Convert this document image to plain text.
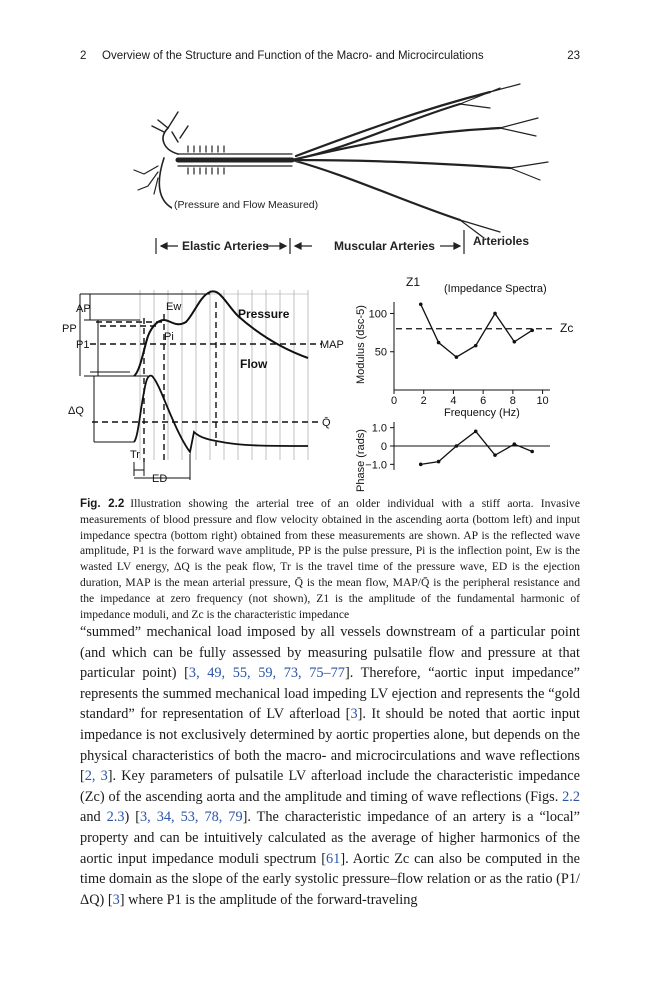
2 Overview of the Structure and Function of the Macro- and Microcirculations	23
(Pressure and Flow Measured)
Elastic Arteries	Muscular Arteries	Arterioles
Pressure
Flow
AP
PP
P1
Ew
Pi
MAP
ΔQ
Q̄
Tr
ED
Z1 (Impedance Spectra)
Zc
Modulus (dsc-5)
Phase (rads)
Frequency (Hz)
0 2 4 6 8 10
100
50
1.0
0
−1.0
Fig. 2.2 Illustration showing the arterial tree of an older individual with a stiff aorta. Invasive measurements of blood pressure and flow velocity obtained in the ascending aorta (bottom left) and input impedance spectra (bottom right) obtained from these measurements are shown. AP is the reflected wave amplitude, P1 is the forward wave amplitude, PP is the pulse pressure, Pi is the inflection point, Ew is the wasted LV energy, ΔQ is the peak flow, Tr is the travel time of the pressure wave, ED is the ejection duration, MAP is the mean arterial pressure, Q̄ is the mean flow, MAP/Q̄ is the peripheral resistance and the impedance at zero frequency (not shown), Z1 is the amplitude of the fundamental harmonic of impedance moduli, and Zc is the characteristic impedance

“summed” mechanical load imposed by all vessels downstream of a particular point (and which can be fully assessed by measuring pulsatile flow and pressure at that particular point) [3, 49, 55, 59, 73, 75–77]. Therefore, “aortic input impedance” represents the summed mechanical load impeding LV ejection and represents the “gold standard” for representation of LV afterload [3]. It should be noted that aortic input impedance is not exclusively determined by aortic properties alone, but depends on the physical characteristics of both the macro- and microcirculations and wave reflections [2, 3]. Key parameters of pulsatile LV afterload include the characteristic impedance (Zc) of the ascending aorta and the amplitude and timing of wave reflections (Figs. 2.2 and 2.3) [3, 34, 53, 78, 79]. The characteristic impedance of an artery is a “local” property and can be intuitively calculated as the average of higher harmonics of the aortic input impedance moduli spectrum [61]. Aortic Zc can also be computed in the time domain as the slope of the early systolic pressure–flow relation or as the ratio (P1/ΔQ) [3] where P1 is the amplitude of the forward-traveling
